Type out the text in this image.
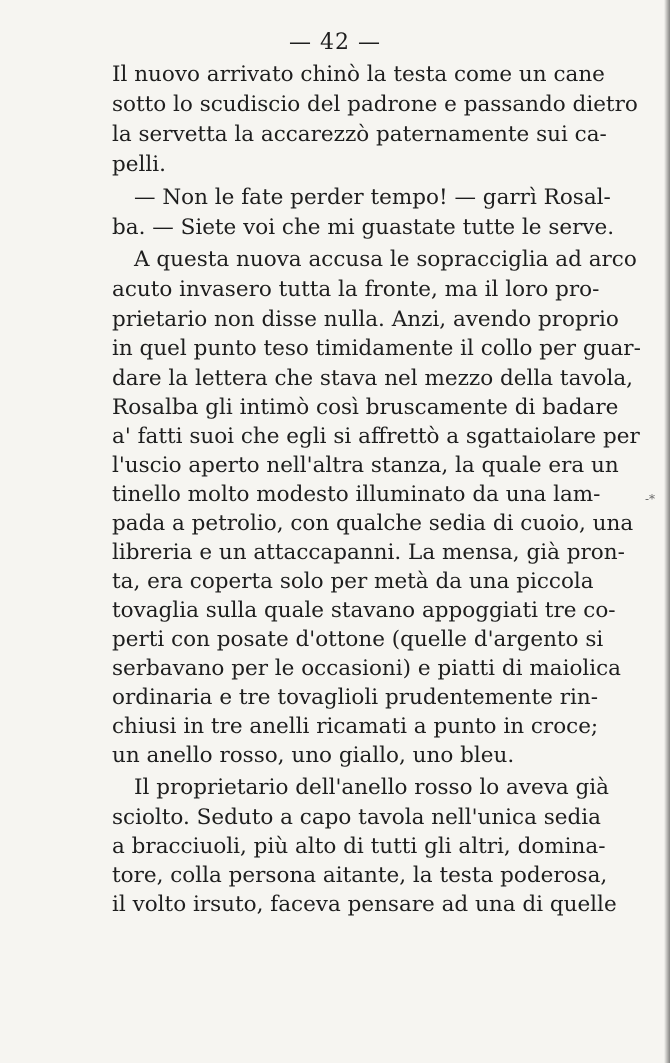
— 42 —
Il nuovo arrivato chinò la testa come un cane
sotto lo scudiscio del padrone e passando dietro
la servetta la accarezzò paternamente sui ca-
pelli.
— Non le fate perder tempo! — garrì Rosal-
ba. — Siete voi che mi guastate tutte le serve.
A questa nuova accusa le sopracciglia ad arco
acuto invasero tutta la fronte, ma il loro pro-
prietario non disse nulla. Anzi, avendo proprio
in quel punto teso timidamente il collo per guar-
dare la lettera che stava nel mezzo della tavola,
Rosalba gli intimò così bruscamente di badare
a' fatti suoi che egli si affrettò a sgattaiolare per
l'uscio aperto nell'altra stanza, la quale era un
tinello molto modesto illuminato da una lam-
pada a petrolio, con qualche sedia di cuoio, una
libreria e un attaccapanni. La mensa, già pron-
ta, era coperta solo per metà da una piccola
tovaglia sulla quale stavano appoggiati tre co-
perti con posate d'ottone (quelle d'argento si
serbavano per le occasioni) e piatti di maiolica
ordinaria e tre tovaglioli prudentemente rin-
chiusi in tre anelli ricamati a punto in croce;
un anello rosso, uno giallo, uno bleu.
Il proprietario dell'anello rosso lo aveva già
sciolto. Seduto a capo tavola nell'unica sedia
a bracciuoli, più alto di tutti gli altri, domina-
tore, colla persona aitante, la testa poderosa,
il volto irsuto, faceva pensare ad una di quelle
-*
